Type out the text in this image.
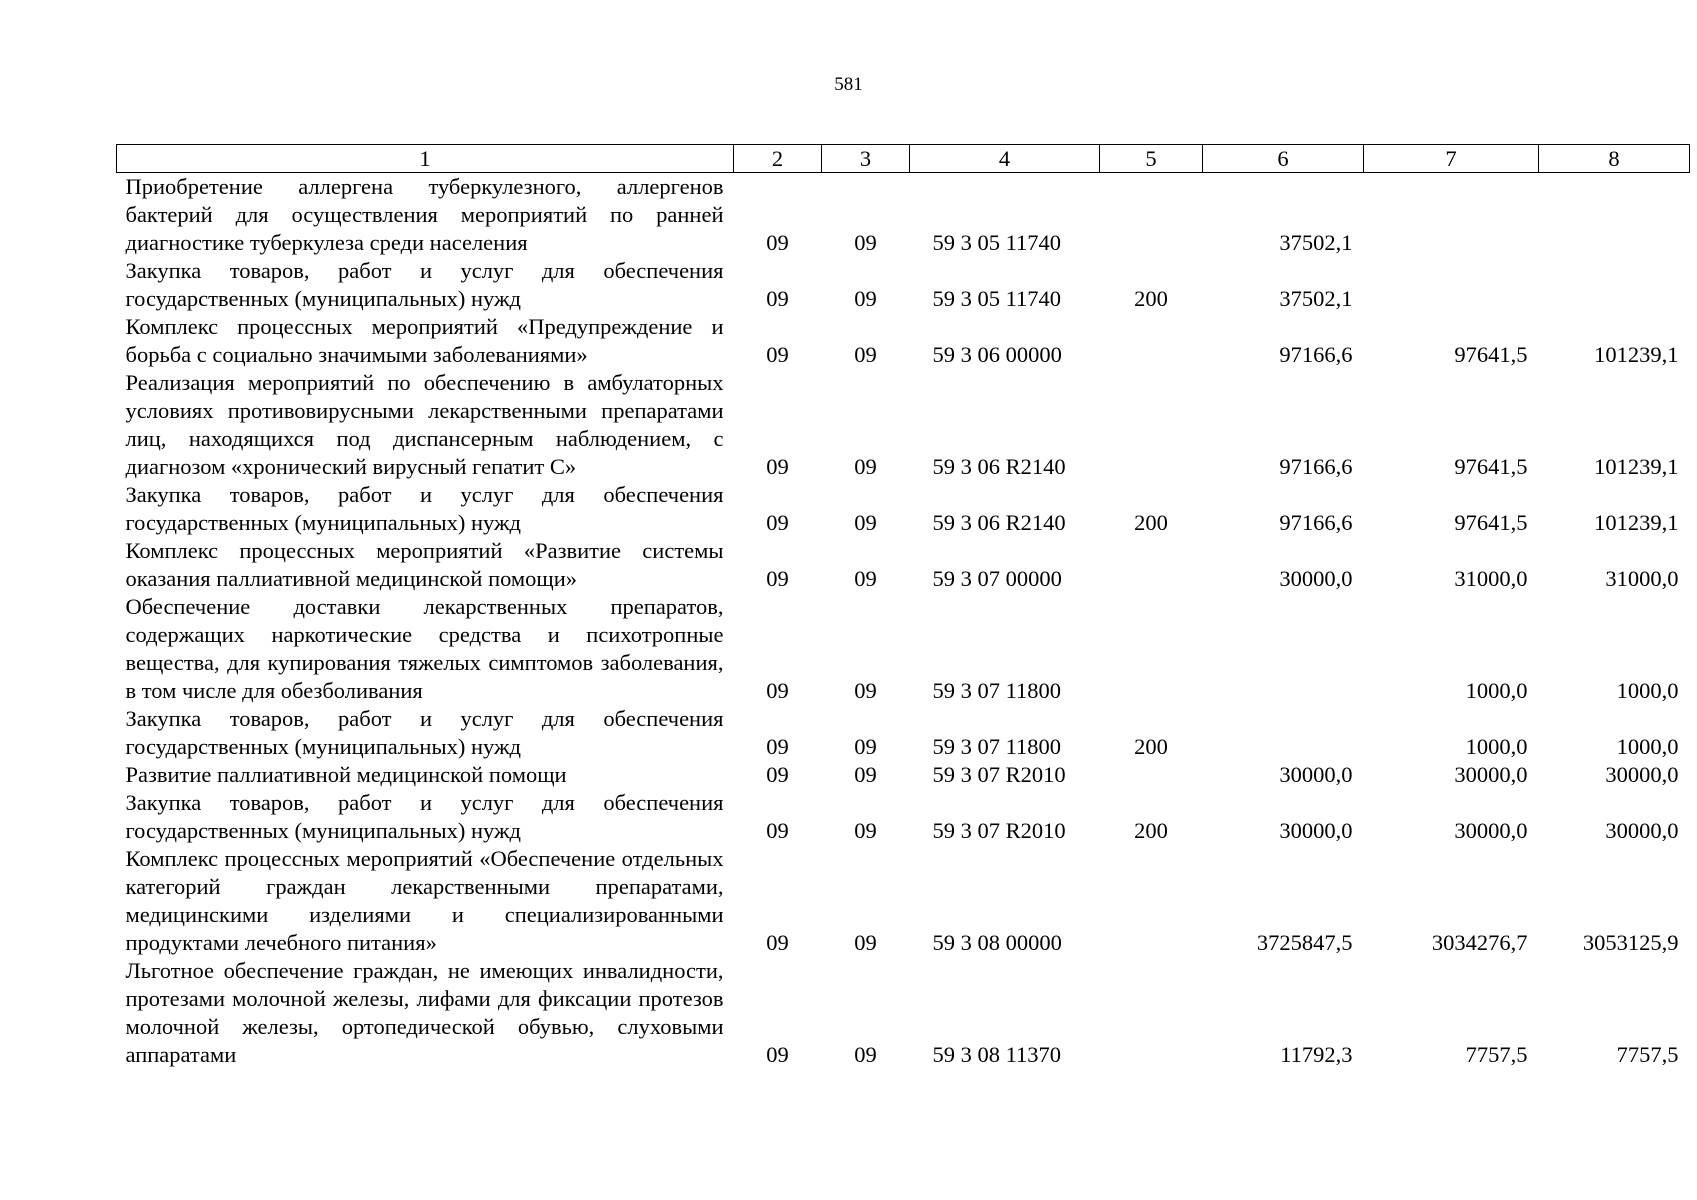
581
1	2	3	4	5	6	7	8
Приобретение аллергена туберкулезного, аллергенов бактерий для осуществления мероприятий по ранней диагностике туберкулеза среди населения	09	09	59 3 05 11740		37502,1		
Закупка товаров, работ и услуг для обеспечения государственных (муниципальных) нужд	09	09	59 3 05 11740	200	37502,1		
Комплекс процессных мероприятий «Предупреждение и борьба с социально значимыми заболеваниями»	09	09	59 3 06 00000		97166,6	97641,5	101239,1
Реализация мероприятий по обеспечению в амбулаторных условиях противовирусными лекарственными препаратами лиц, находящихся под диспансерным наблюдением, с диагнозом «хронический вирусный гепатит С»	09	09	59 3 06 R2140		97166,6	97641,5	101239,1
Закупка товаров, работ и услуг для обеспечения государственных (муниципальных) нужд	09	09	59 3 06 R2140	200	97166,6	97641,5	101239,1
Комплекс процессных мероприятий «Развитие системы оказания паллиативной медицинской помощи»	09	09	59 3 07 00000		30000,0	31000,0	31000,0
Обеспечение доставки лекарственных препаратов, содержащих наркотические средства и психотропные вещества, для купирования тяжелых симптомов заболевания, в том числе для обезболивания	09	09	59 3 07 11800			1000,0	1000,0
Закупка товаров, работ и услуг для обеспечения государственных (муниципальных) нужд	09	09	59 3 07 11800	200		1000,0	1000,0
Развитие паллиативной медицинской помощи	09	09	59 3 07 R2010		30000,0	30000,0	30000,0
Закупка товаров, работ и услуг для обеспечения государственных (муниципальных) нужд	09	09	59 3 07 R2010	200	30000,0	30000,0	30000,0
Комплекс процессных мероприятий «Обеспечение отдельных категорий граждан лекарственными препаратами, медицинскими изделиями и специализированными продуктами лечебного питания»	09	09	59 3 08 00000		3725847,5	3034276,7	3053125,9
Льготное обеспечение граждан, не имеющих инвалидности, протезами молочной железы, лифами для фиксации протезов молочной железы, ортопедической обувью, слуховыми аппаратами	09	09	59 3 08 11370		11792,3	7757,5	7757,5
